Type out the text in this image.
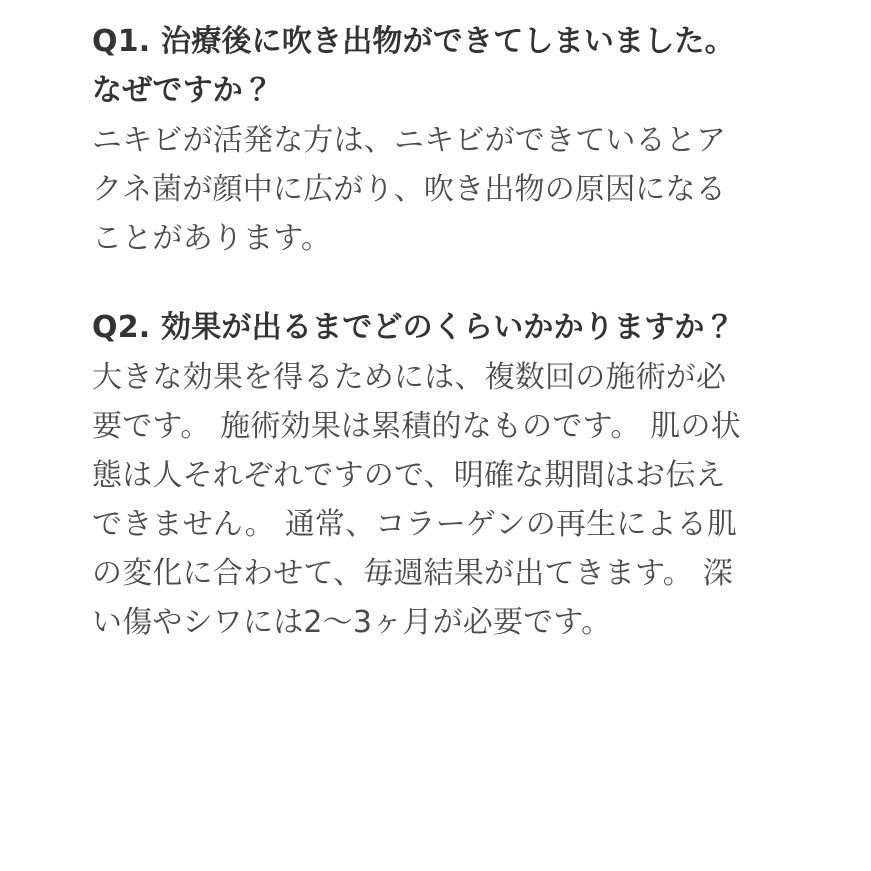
Q1. 治療後に吹き出物ができてしまいました。 なぜですか？

ニキビが活発な方は、ニキビができているとアクネ菌が顔中に広がり、吹き出物の原因になることがあります。

Q2. 効果が出るまでどのくらいかかりますか？

大きな効果を得るためには、複数回の施術が必要です。 施術効果は累積的なものです。 肌の状態は人それぞれですので、明確な期間はお伝えできません。 通常、コラーゲンの再生による肌の変化に合わせて、毎週結果が出てきます。 深い傷やシワには2〜3ヶ月が必要です。
